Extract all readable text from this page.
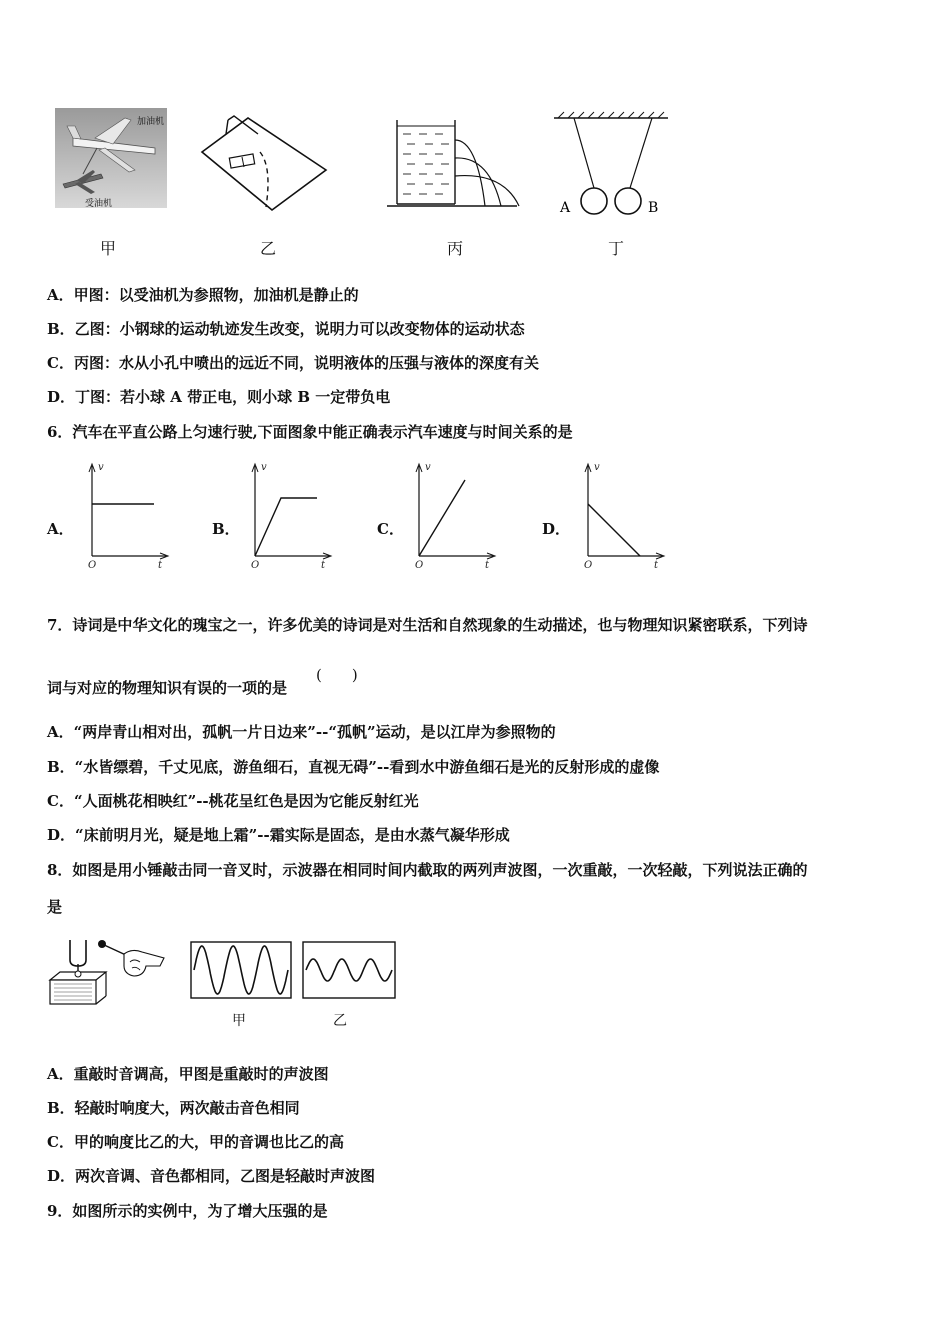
加油机
受油机	A	B
甲	乙	丙	丁
A．甲图：以受油机为参照物，加油机是静止的
B．乙图：小钢球的运动轨迹发生改变，说明力可以改变物体的运动状态
C．丙图：水从小孔中喷出的远近不同，说明液体的压强与液体的深度有关
D．丁图：若小球 A 带正电，则小球 B 一定带负电
6．汽车在平直公路上匀速行驶,下面图象中能正确表示汽车速度与时间关系的是
A．
v
t
O
B．
v
t
O
C．
v
t
O
D．
v
t
O
7．诗词是中华文化的瑰宝之一，许多优美的诗词是对生活和自然现象的生动描述，也与物理知识紧密联系，下列诗
词与对应的物理知识有误的一项的是
(　　)
A．“两岸青山相对出，孤帆一片日边来”--“孤帆”运动，是以江岸为参照物的
B．“水皆缥碧，千丈见底，游鱼细石，直视无碍”--看到水中游鱼细石是光的反射形成的虚像
C．“人面桃花相映红”--桃花呈红色是因为它能反射红光
D．“床前明月光，疑是地上霜”--霜实际是固态，是由水蒸气凝华形成
8．如图是用小锤敲击同一音叉时，示波器在相同时间内截取的两列声波图，一次重敲，一次轻敲，下列说法正确的
是
甲	乙
A．重敲时音调高，甲图是重敲时的声波图
B．轻敲时响度大，两次敲击音色相同
C．甲的响度比乙的大，甲的音调也比乙的高
D．两次音调、音色都相同，乙图是轻敲时声波图
9．如图所示的实例中，为了增大压强的是
